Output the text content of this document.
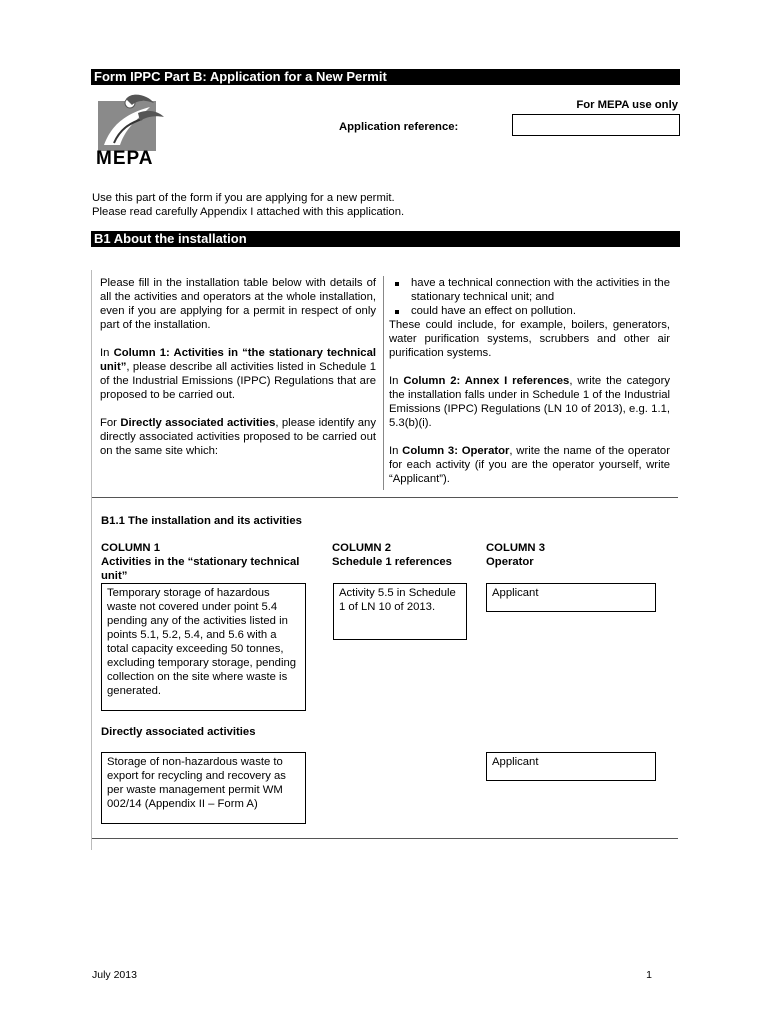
Form IPPC Part B: Application for a New Permit
MEPA
For MEPA use only
Application reference:
Use this part of the form if you are applying for a new permit.
Please read carefully Appendix I attached with this application.
B1 About the installation
Please fill in the installation table below with details of all the activities and operators at the whole installation, even if you are applying for a permit in respect of only part of the installation.
In Column 1: Activities in “the stationary technical unit”, please describe all activities listed in Schedule 1 of the Industrial Emissions (IPPC) Regulations that are proposed to be carried out.
For Directly associated activities, please identify any directly associated activities proposed to be carried out on the same site which:
have a technical connection with the activities in the stationary technical unit; and
could have an effect on pollution.
These could include, for example, boilers, generators, water purification systems, scrubbers and other air purification systems.
In Column 2: Annex I references, write the category the installation falls under in Schedule 1 of the Industrial Emissions (IPPC) Regulations (LN 10 of 2013), e.g. 1.1, 5.3(b)(i).
In Column 3: Operator, write the name of the operator for each activity (if you are the operator yourself, write “Applicant”).
B1.1 The installation and its activities
COLUMN 1
Activities in the “stationary technical unit”
COLUMN 2
Schedule 1 references
COLUMN 3
Operator
Temporary storage of hazardous waste not covered under point 5.4 pending any of the activities listed in points 5.1, 5.2, 5.4, and 5.6 with a total capacity exceeding 50 tonnes, excluding temporary storage, pending collection on the site where waste is generated.
Activity 5.5 in Schedule 1 of LN 10 of 2013.
Applicant
Directly associated activities
Storage of non-hazardous waste to export for recycling and recovery as per waste management permit WM 002/14 (Appendix II – Form A)
Applicant
July 2013	1
